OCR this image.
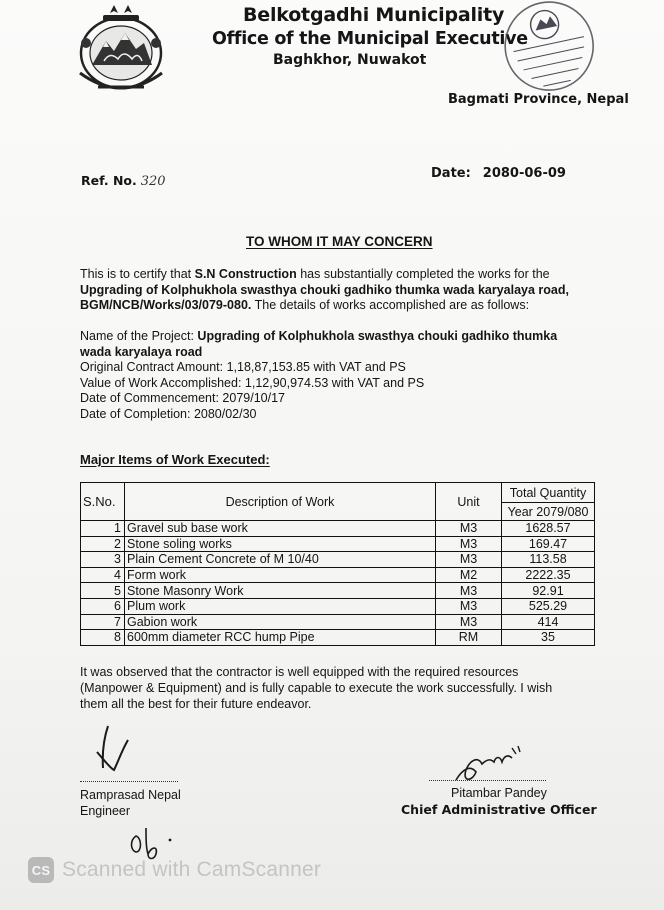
Belkotgadhi Municipality
Office of the Municipal Executive
Baghkhor, Nuwakot
Bagmati Province, Nepal
Ref. No. 320
Date: 2080-06-09
TO WHOM IT MAY CONCERN
This is to certify that S.N Construction has substantially completed the works for the Upgrading of Kolphukhola swasthya chouki gadhiko thumka wada karyalaya road, BGM/NCB/Works/03/079-080. The details of works accomplished are as follows:
Name of the Project: Upgrading of Kolphukhola swasthya chouki gadhiko thumka wada karyalaya road
Original Contract Amount: 1,18,87,153.85 with VAT and PS
Value of Work Accomplished: 1,12,90,974.53 with VAT and PS
Date of Commencement: 2079/10/17
Date of Completion: 2080/02/30
Major Items of Work Executed:
S.No.	Description of Work	Unit	Total Quantity
			Year 2079/080
1	Gravel sub base work	M3	1628.57
2	Stone soling works	M3	169.47
3	Plain Cement Concrete of M 10/40	M3	113.58
4	Form work	M2	2222.35
5	Stone Masonry Work	M3	92.91
6	Plum work	M3	525.29
7	Gabion work	M3	414
8	600mm diameter RCC hump Pipe	RM	35
It was observed that the contractor is well equipped with the required resources (Manpower & Equipment) and is fully capable to execute the work successfully. I wish them all the best for their future endeavor.
Ramprasad Nepal
Engineer
Pitambar Pandey
Chief Administrative Officer
CS Scanned with CamScanner
